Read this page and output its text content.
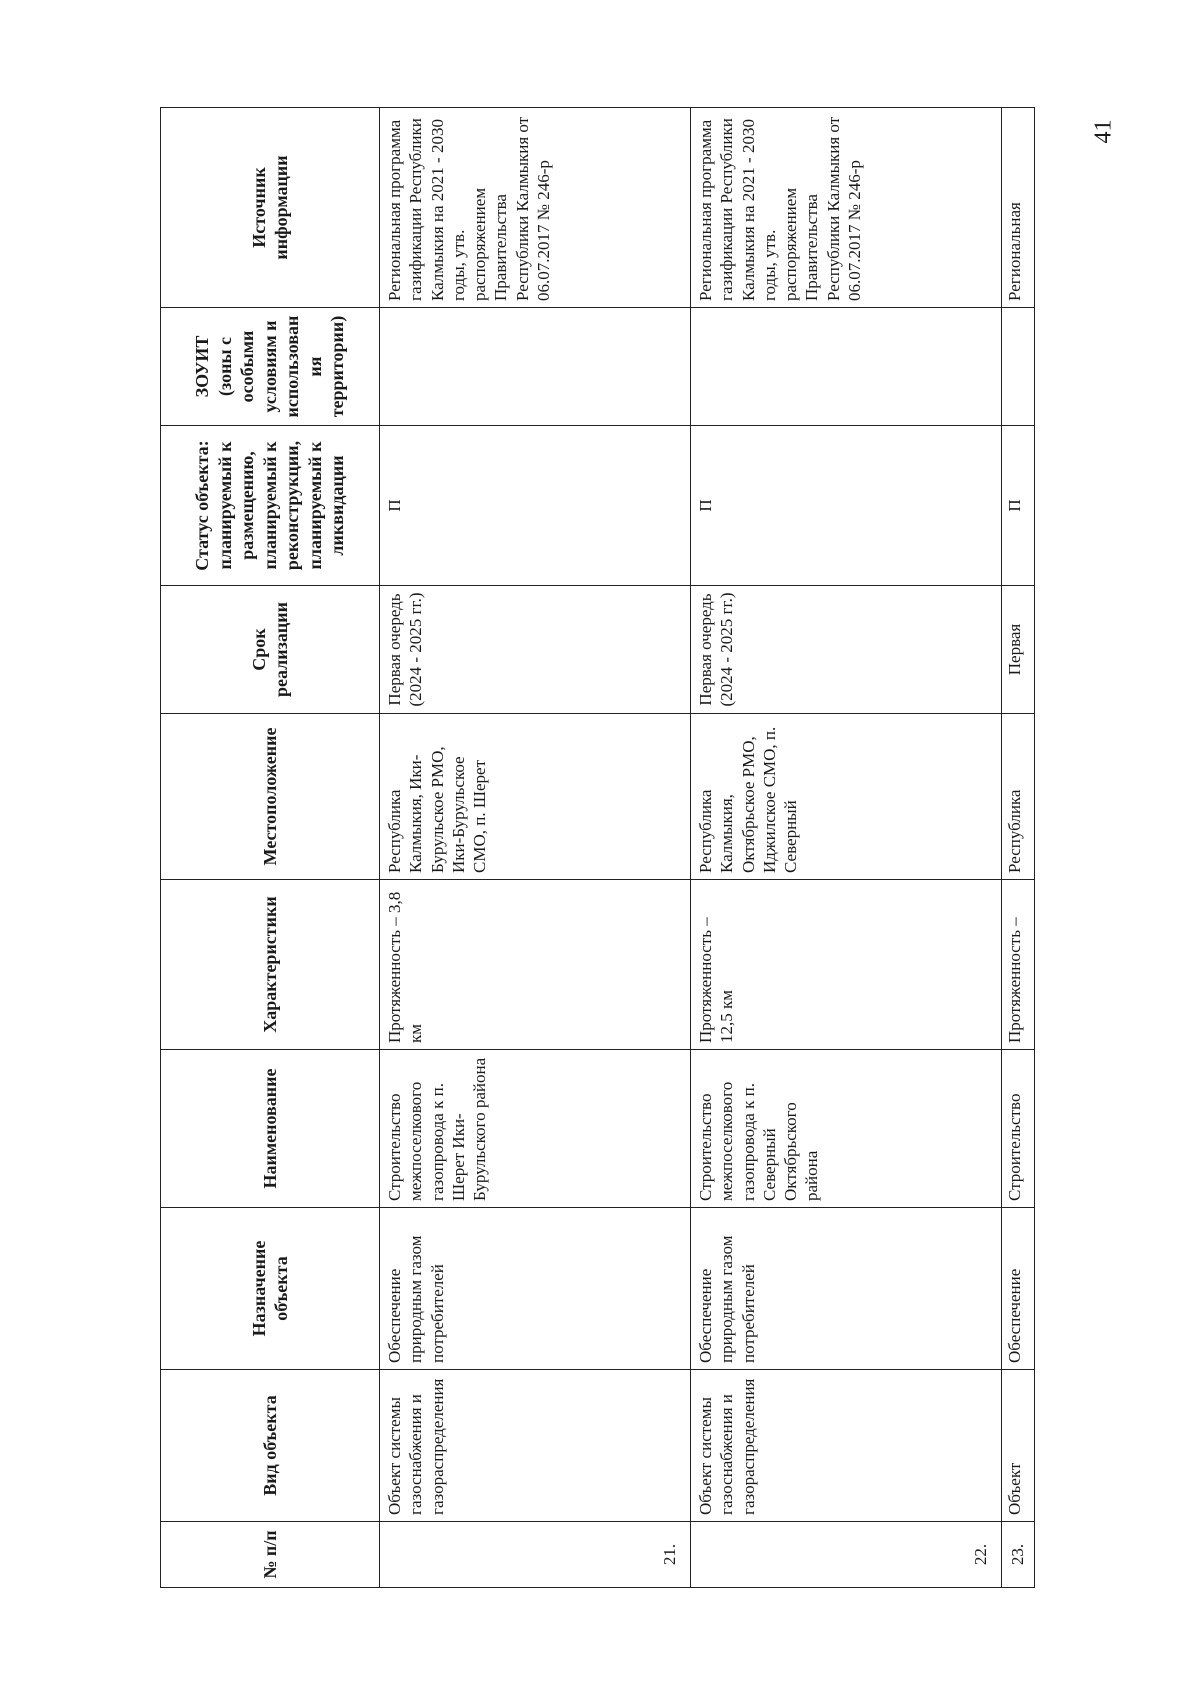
41
№ п/п	Вид объекта	Назначение объекта	Наименование	Характеристики	Местоположение	Срок реализации	Статус объекта: планируемый к размещению, планируемый к реконструкции, планируемый к ликвидации	ЗОУИТ (зоны с особыми условиям и использования территории)	Источник информации
21.	Объект системы газоснабжения и газораспределения	Обеспечение природным газом потребителей	Строительство межпоселкового газопровода к п. Шерет Ики-Бурульского района	Протяженность – 3,8 км	Республика Калмыкия, Ики-Бурульское РМО, Ики-Бурульское СМО, п. Шерет	Первая очередь (2024 - 2025 гг.)	П		Региональная программа газификации Республики Калмыкия на 2021 - 2030 годы, утв. распоряжением Правительства Республики Калмыкия от 06.07.2017 № 246-р
22.	Объект системы газоснабжения и газораспределения	Обеспечение природным газом потребителей	Строительство межпоселкового газопровода к п. Северный Октябрьского района	Протяженность – 12,5 км	Республика Калмыкия, Октябрьское РМО, Иджилское СМО, п. Северный	Первая очередь (2024 - 2025 гг.)	П		Региональная программа газификации Республики Калмыкия на 2021 - 2030 годы, утв. распоряжением Правительства Республики Калмыкия от 06.07.2017 № 246-р
23.	Объект	Обеспечение	Строительство	Протяженность –	Республика	Первая	П		Региональная
